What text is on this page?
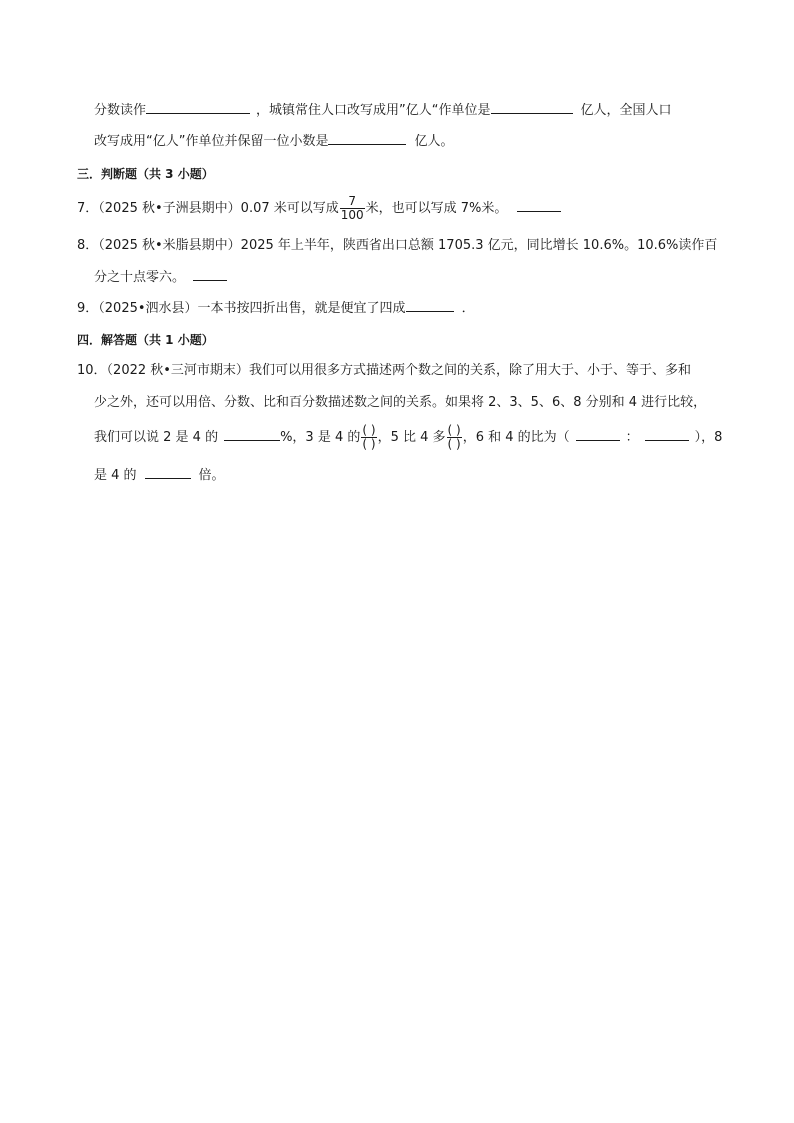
分数读作	，城镇常住人口改写成用”亿人“作单位是	亿人，全国人口
改写成用“亿人”作单位并保留一位小数是	亿人。
三．判断题（共 3 小题）
7．（2025 秋•子洲县期中）0.07 米可以写成 $\frac{7}{100}$ 米，也可以写成 7%米。
8．（2025 秋•米脂县期中）2025 年上半年，陕西省出口总额 1705.3 亿元，同比增长 10.6%。10.6%读作百
分之十点零六。
9．（2025•泗水县）一本书按四折出售，就是便宜了四成	．
四．解答题（共 1 小题）
10．（2022 秋•三河市期末）我们可以用很多方式描述两个数之间的关系，除了用大于、小于、等于、多和
少之外，还可以用倍、分数、比和百分数描述数之间的关系。如果将 2、3、5、6、8 分别和 4 进行比较，
我们可以说 2 是 4 的	%，3 是 4 的 $\frac{( )}{( )}$ ，5 比 4 多 $\frac{( )}{( )}$ ，6 和 4 的比为（	：	），8
是 4 的	倍。
